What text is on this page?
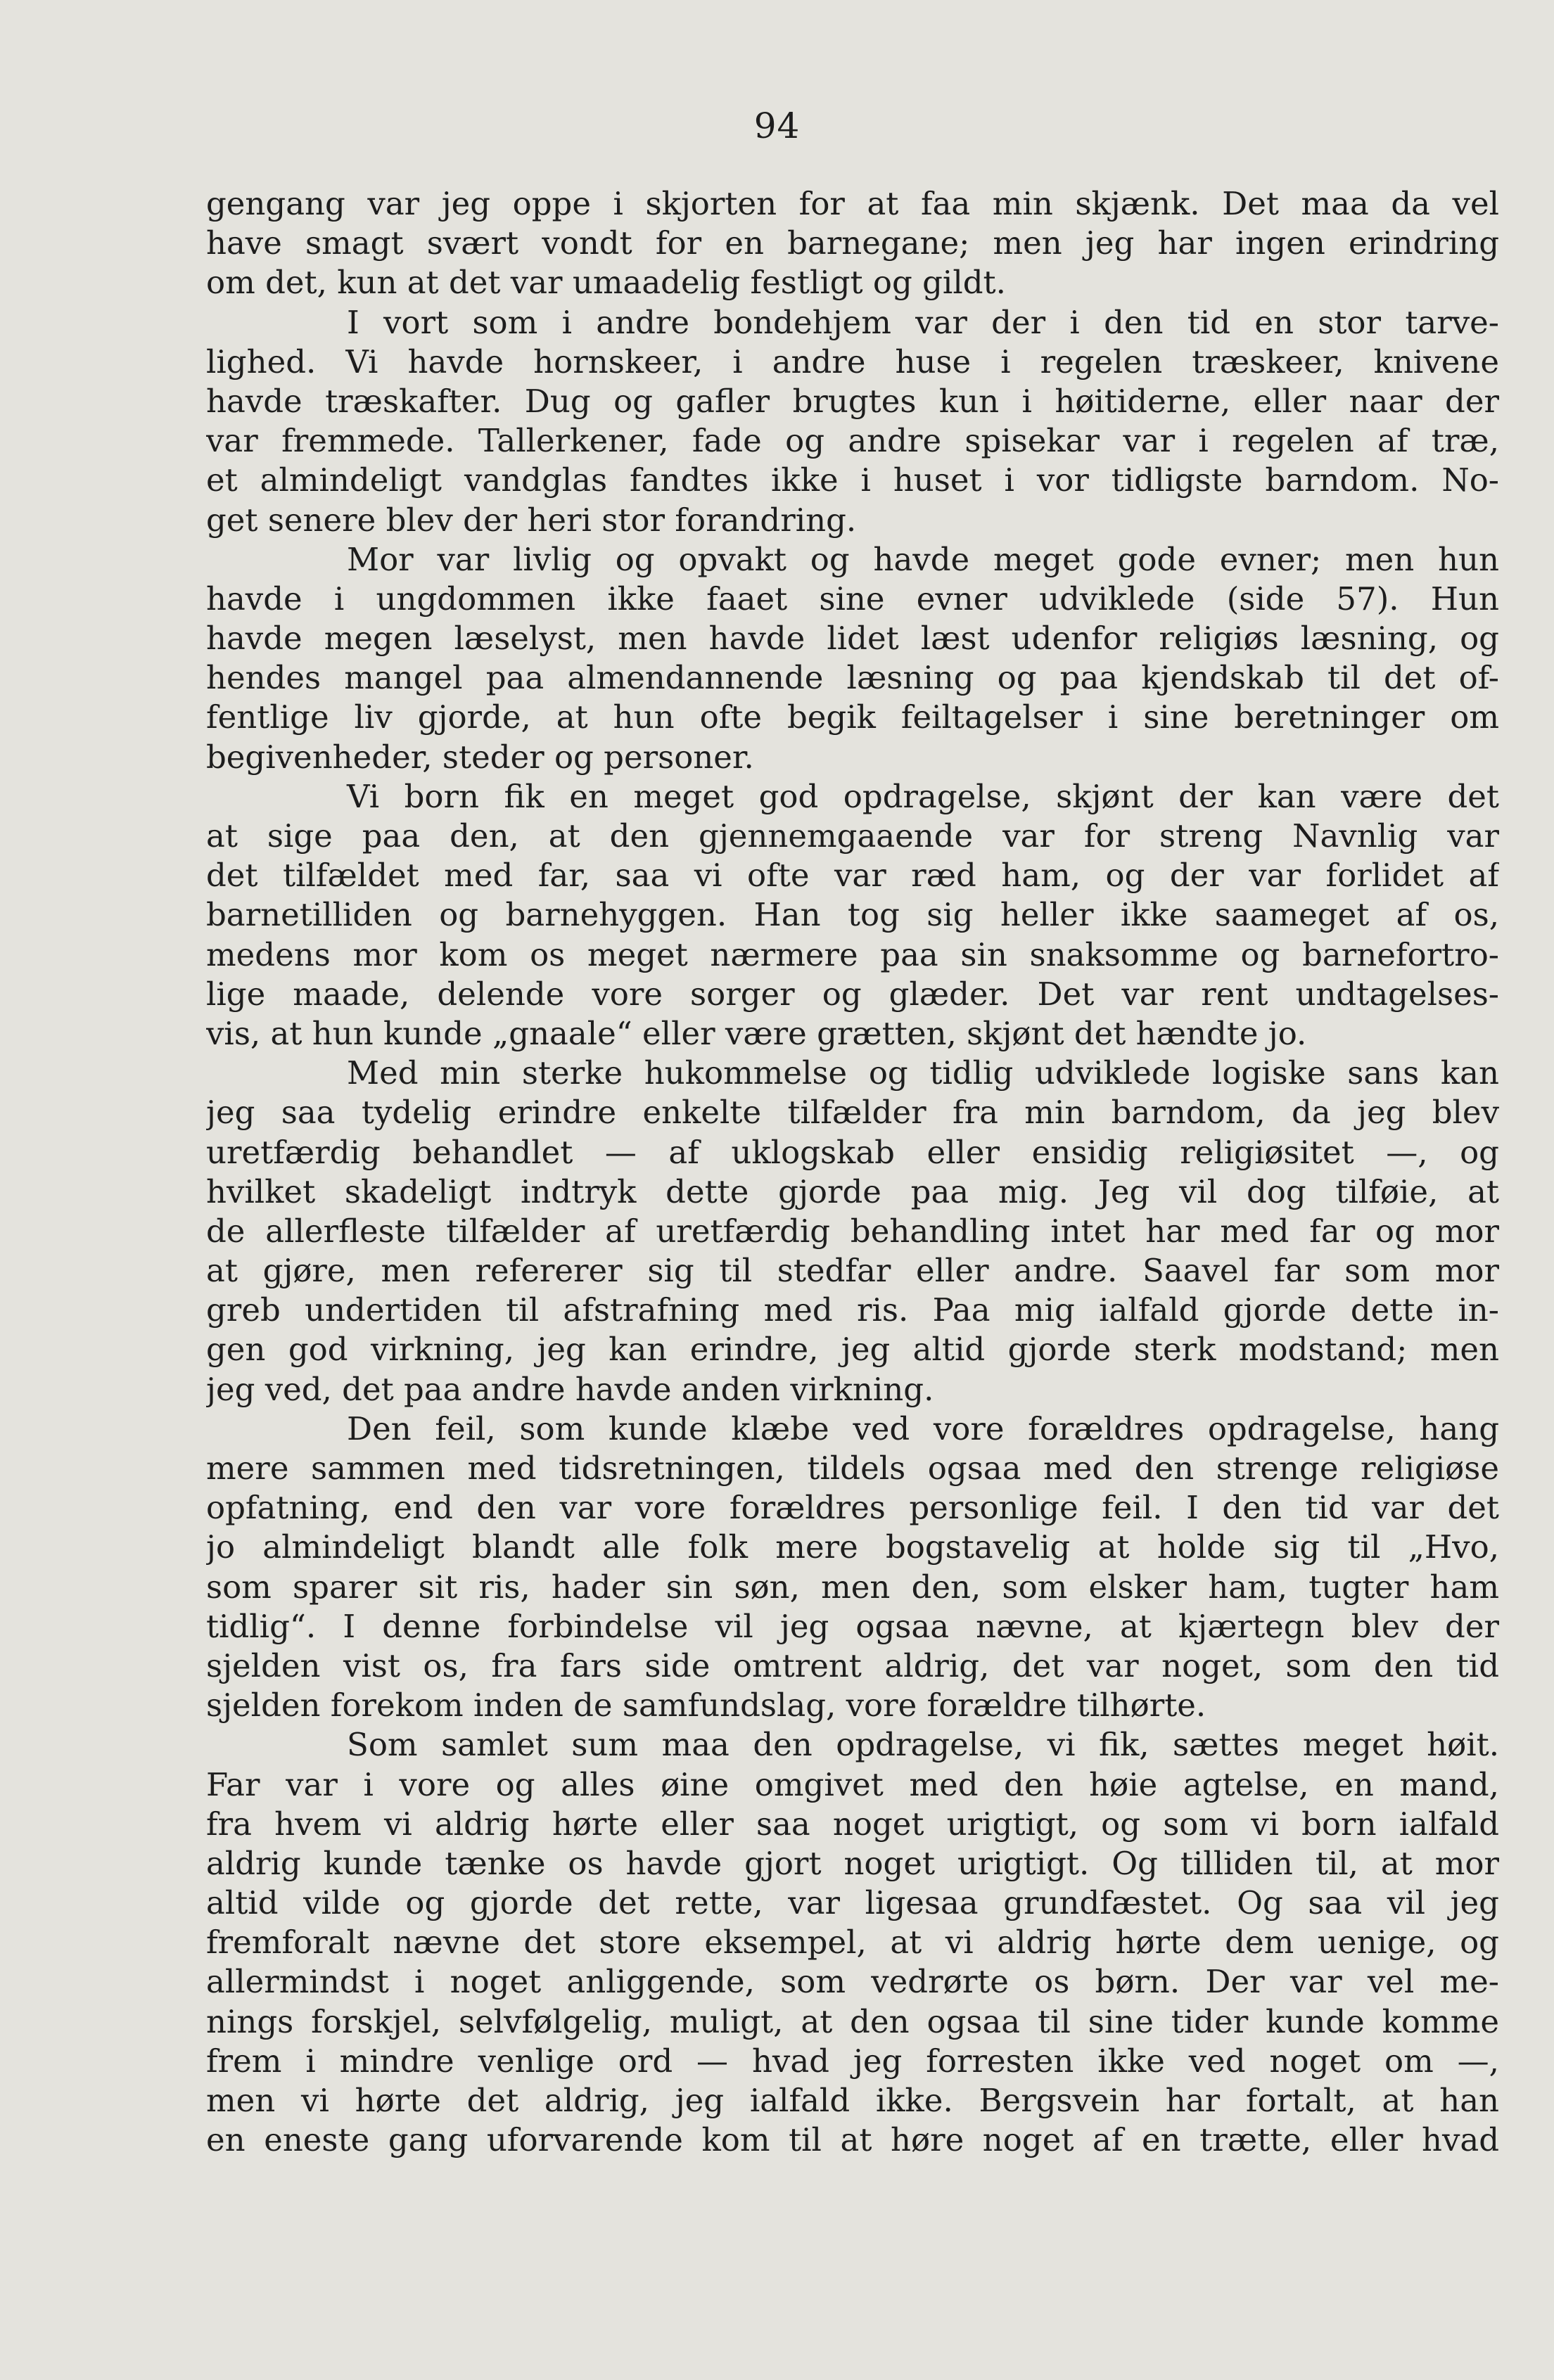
94
gengang var jeg oppe i skjorten for at faa min skjænk. Det maa da vel
have smagt svært vondt for en barnegane; men jeg har ingen erindring
om det, kun at det var umaadelig festligt og gildt.
I vort som i andre bondehjem var der i den tid en stor tarve-
lighed. Vi havde hornskeer, i andre huse i regelen træskeer, knivene
havde træskafter. Dug og gafler brugtes kun i høitiderne, eller naar der
var fremmede. Tallerkener, fade og andre spisekar var i regelen af træ,
et almindeligt vandglas fandtes ikke i huset i vor tidligste barndom. No-
get senere blev der heri stor forandring.
Mor var livlig og opvakt og havde meget gode evner; men hun
havde i ungdommen ikke faaet sine evner udviklede (side 57). Hun
havde megen læselyst, men havde lidet læst udenfor religiøs læsning, og
hendes mangel paa almendannende læsning og paa kjendskab til det of-
fentlige liv gjorde, at hun ofte begik feiltagelser i sine beretninger om
begivenheder, steder og personer.
Vi born fik en meget god opdragelse, skjønt der kan være det
at sige paa den, at den gjennemgaaende var for streng Navnlig var
det tilfældet med far, saa vi ofte var ræd ham, og der var forlidet af
barnetilliden og barnehyggen. Han tog sig heller ikke saameget af os,
medens mor kom os meget nærmere paa sin snaksomme og barnefortro-
lige maade, delende vore sorger og glæder. Det var rent undtagelses-
vis, at hun kunde „gnaale“ eller være grætten, skjønt det hændte jo.
Med min sterke hukommelse og tidlig udviklede logiske sans kan
jeg saa tydelig erindre enkelte tilfælder fra min barndom, da jeg blev
uretfærdig behandlet — af uklogskab eller ensidig religiøsitet —, og
hvilket skadeligt indtryk dette gjorde paa mig. Jeg vil dog tilføie, at
de allerfleste tilfælder af uretfærdig behandling intet har med far og mor
at gjøre, men refererer sig til stedfar eller andre. Saavel far som mor
greb undertiden til afstrafning med ris. Paa mig ialfald gjorde dette in-
gen god virkning, jeg kan erindre, jeg altid gjorde sterk modstand; men
jeg ved, det paa andre havde anden virkning.
Den feil, som kunde klæbe ved vore forældres opdragelse, hang
mere sammen med tidsretningen, tildels ogsaa med den strenge religiøse
opfatning, end den var vore forældres personlige feil. I den tid var det
jo almindeligt blandt alle folk mere bogstavelig at holde sig til „Hvo,
som sparer sit ris, hader sin søn, men den, som elsker ham, tugter ham
tidlig“. I denne forbindelse vil jeg ogsaa nævne, at kjærtegn blev der
sjelden vist os, fra fars side omtrent aldrig, det var noget, som den tid
sjelden forekom inden de samfundslag, vore forældre tilhørte.
Som samlet sum maa den opdragelse, vi fik, sættes meget høit.
Far var i vore og alles øine omgivet med den høie agtelse, en mand,
fra hvem vi aldrig hørte eller saa noget urigtigt, og som vi born ialfald
aldrig kunde tænke os havde gjort noget urigtigt. Og tilliden til, at mor
altid vilde og gjorde det rette, var ligesaa grundfæstet. Og saa vil jeg
fremforalt nævne det store eksempel, at vi aldrig hørte dem uenige, og
allermindst i noget anliggende, som vedrørte os børn. Der var vel me-
nings forskjel, selvfølgelig, muligt, at den ogsaa til sine tider kunde komme
frem i mindre venlige ord — hvad jeg forresten ikke ved noget om —,
men vi hørte det aldrig, jeg ialfald ikke. Bergsvein har fortalt, at han
en eneste gang uforvarende kom til at høre noget af en trætte, eller hvad
